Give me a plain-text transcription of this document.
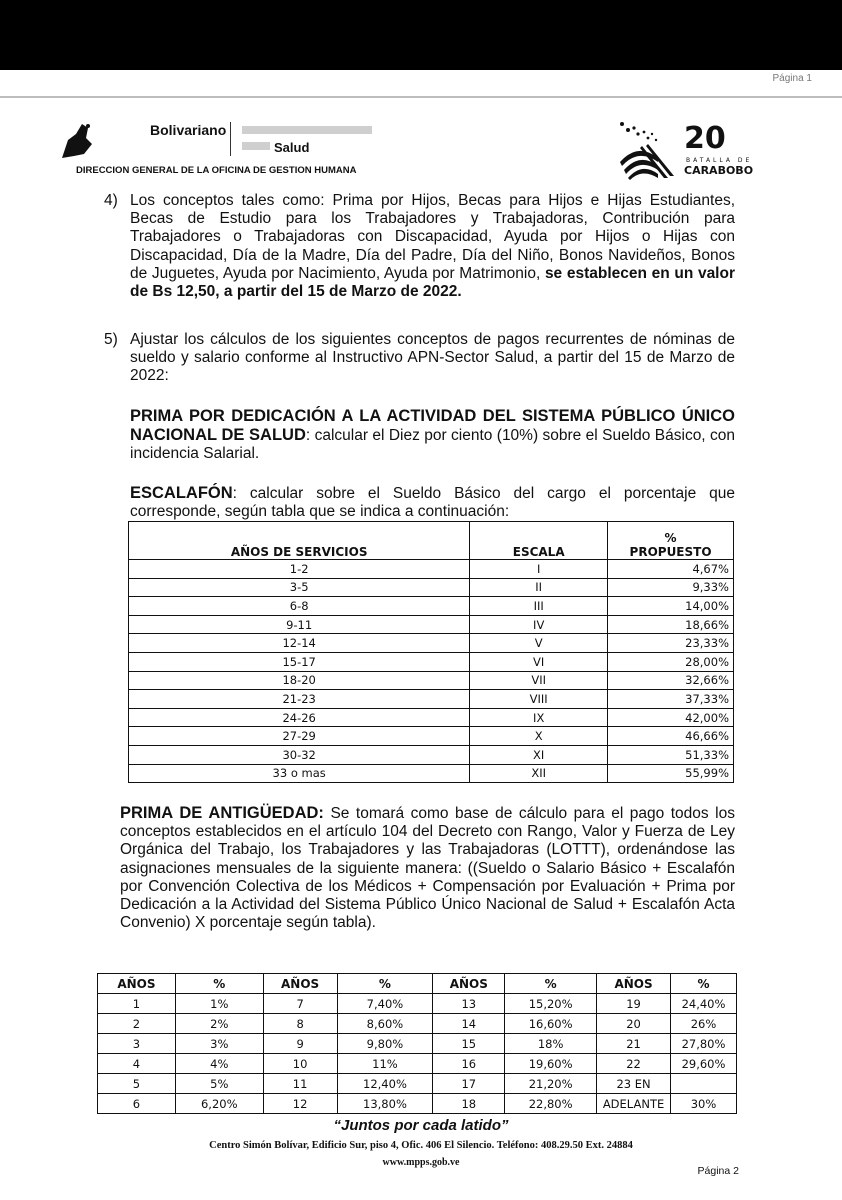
Página 1
Bolivariano
Salud
DIRECCION GENERAL DE LA OFICINA DE GESTION HUMANA
20
BATALLA DE
CARABOBO
4) Los conceptos tales como: Prima por Hijos, Becas para Hijos e Hijas Estudiantes, Becas de Estudio para los Trabajadores y Trabajadoras, Contribución para Trabajadores o Trabajadoras con Discapacidad, Ayuda por Hijos o Hijas con Discapacidad, Día de la Madre, Día del Padre, Día del Niño, Bonos Navideños, Bonos de Juguetes, Ayuda por Nacimiento, Ayuda por Matrimonio, se establecen en un valor de Bs 12,50, a partir del 15 de Marzo de 2022.

5) Ajustar los cálculos de los siguientes conceptos de pagos recurrentes de nóminas de sueldo y salario conforme al Instructivo APN-Sector Salud, a partir del 15 de Marzo de 2022:

PRIMA POR DEDICACIÓN A LA ACTIVIDAD DEL SISTEMA PÚBLICO ÚNICO NACIONAL DE SALUD: calcular el Diez por ciento (10%) sobre el Sueldo Básico, con incidencia Salarial.

ESCALAFÓN: calcular sobre el Sueldo Básico del cargo el porcentaje que corresponde, según tabla que se indica a continuación:

AÑOS DE SERVICIOS	ESCALA	%
PROPUESTO

1-2	I	4,67%
3-5	II	9,33%
6-8	III	14,00%
9-11	IV	18,66%
12-14	V	23,33%
15-17	VI	28,00%
18-20	VII	32,66%
21-23	VIII	37,33%
24-26	IX	42,00%
27-29	X	46,66%
30-32	XI	51,33%
33 o mas	XII	55,99%

PRIMA DE ANTIGÜEDAD: Se tomará como base de cálculo para el pago todos los conceptos establecidos en el artículo 104 del Decreto con Rango, Valor y Fuerza de Ley Orgánica del Trabajo, los Trabajadores y las Trabajadoras (LOTTT), ordenándose las asignaciones mensuales de la siguiente manera: ((Sueldo o Salario Básico + Escalafón por Convención Colectiva de los Médicos + Compensación por Evaluación + Prima por Dedicación a la Actividad del Sistema Público Único Nacional de Salud + Escalafón Acta Convenio) X porcentaje según tabla).

AÑOS	%	AÑOS	%	AÑOS	%	AÑOS	%
1	1%	7	7,40%	13	15,20%	19	24,40%
2	2%	8	8,60%	14	16,60%	20	26%
3	3%	9	9,80%	15	18%	21	27,80%
4	4%	10	11%	16	19,60%	22	29,60%
5	5%	11	12,40%	17	21,20%	23 EN	
6	6,20%	12	13,80%	18	22,80%	ADELANTE	30%
“Juntos por cada latido”
Centro Simón Bolívar, Edificio Sur, piso 4, Ofic. 406 El Silencio. Teléfono: 408.29.50 Ext. 24884
www.mpps.gob.ve
Página 2
